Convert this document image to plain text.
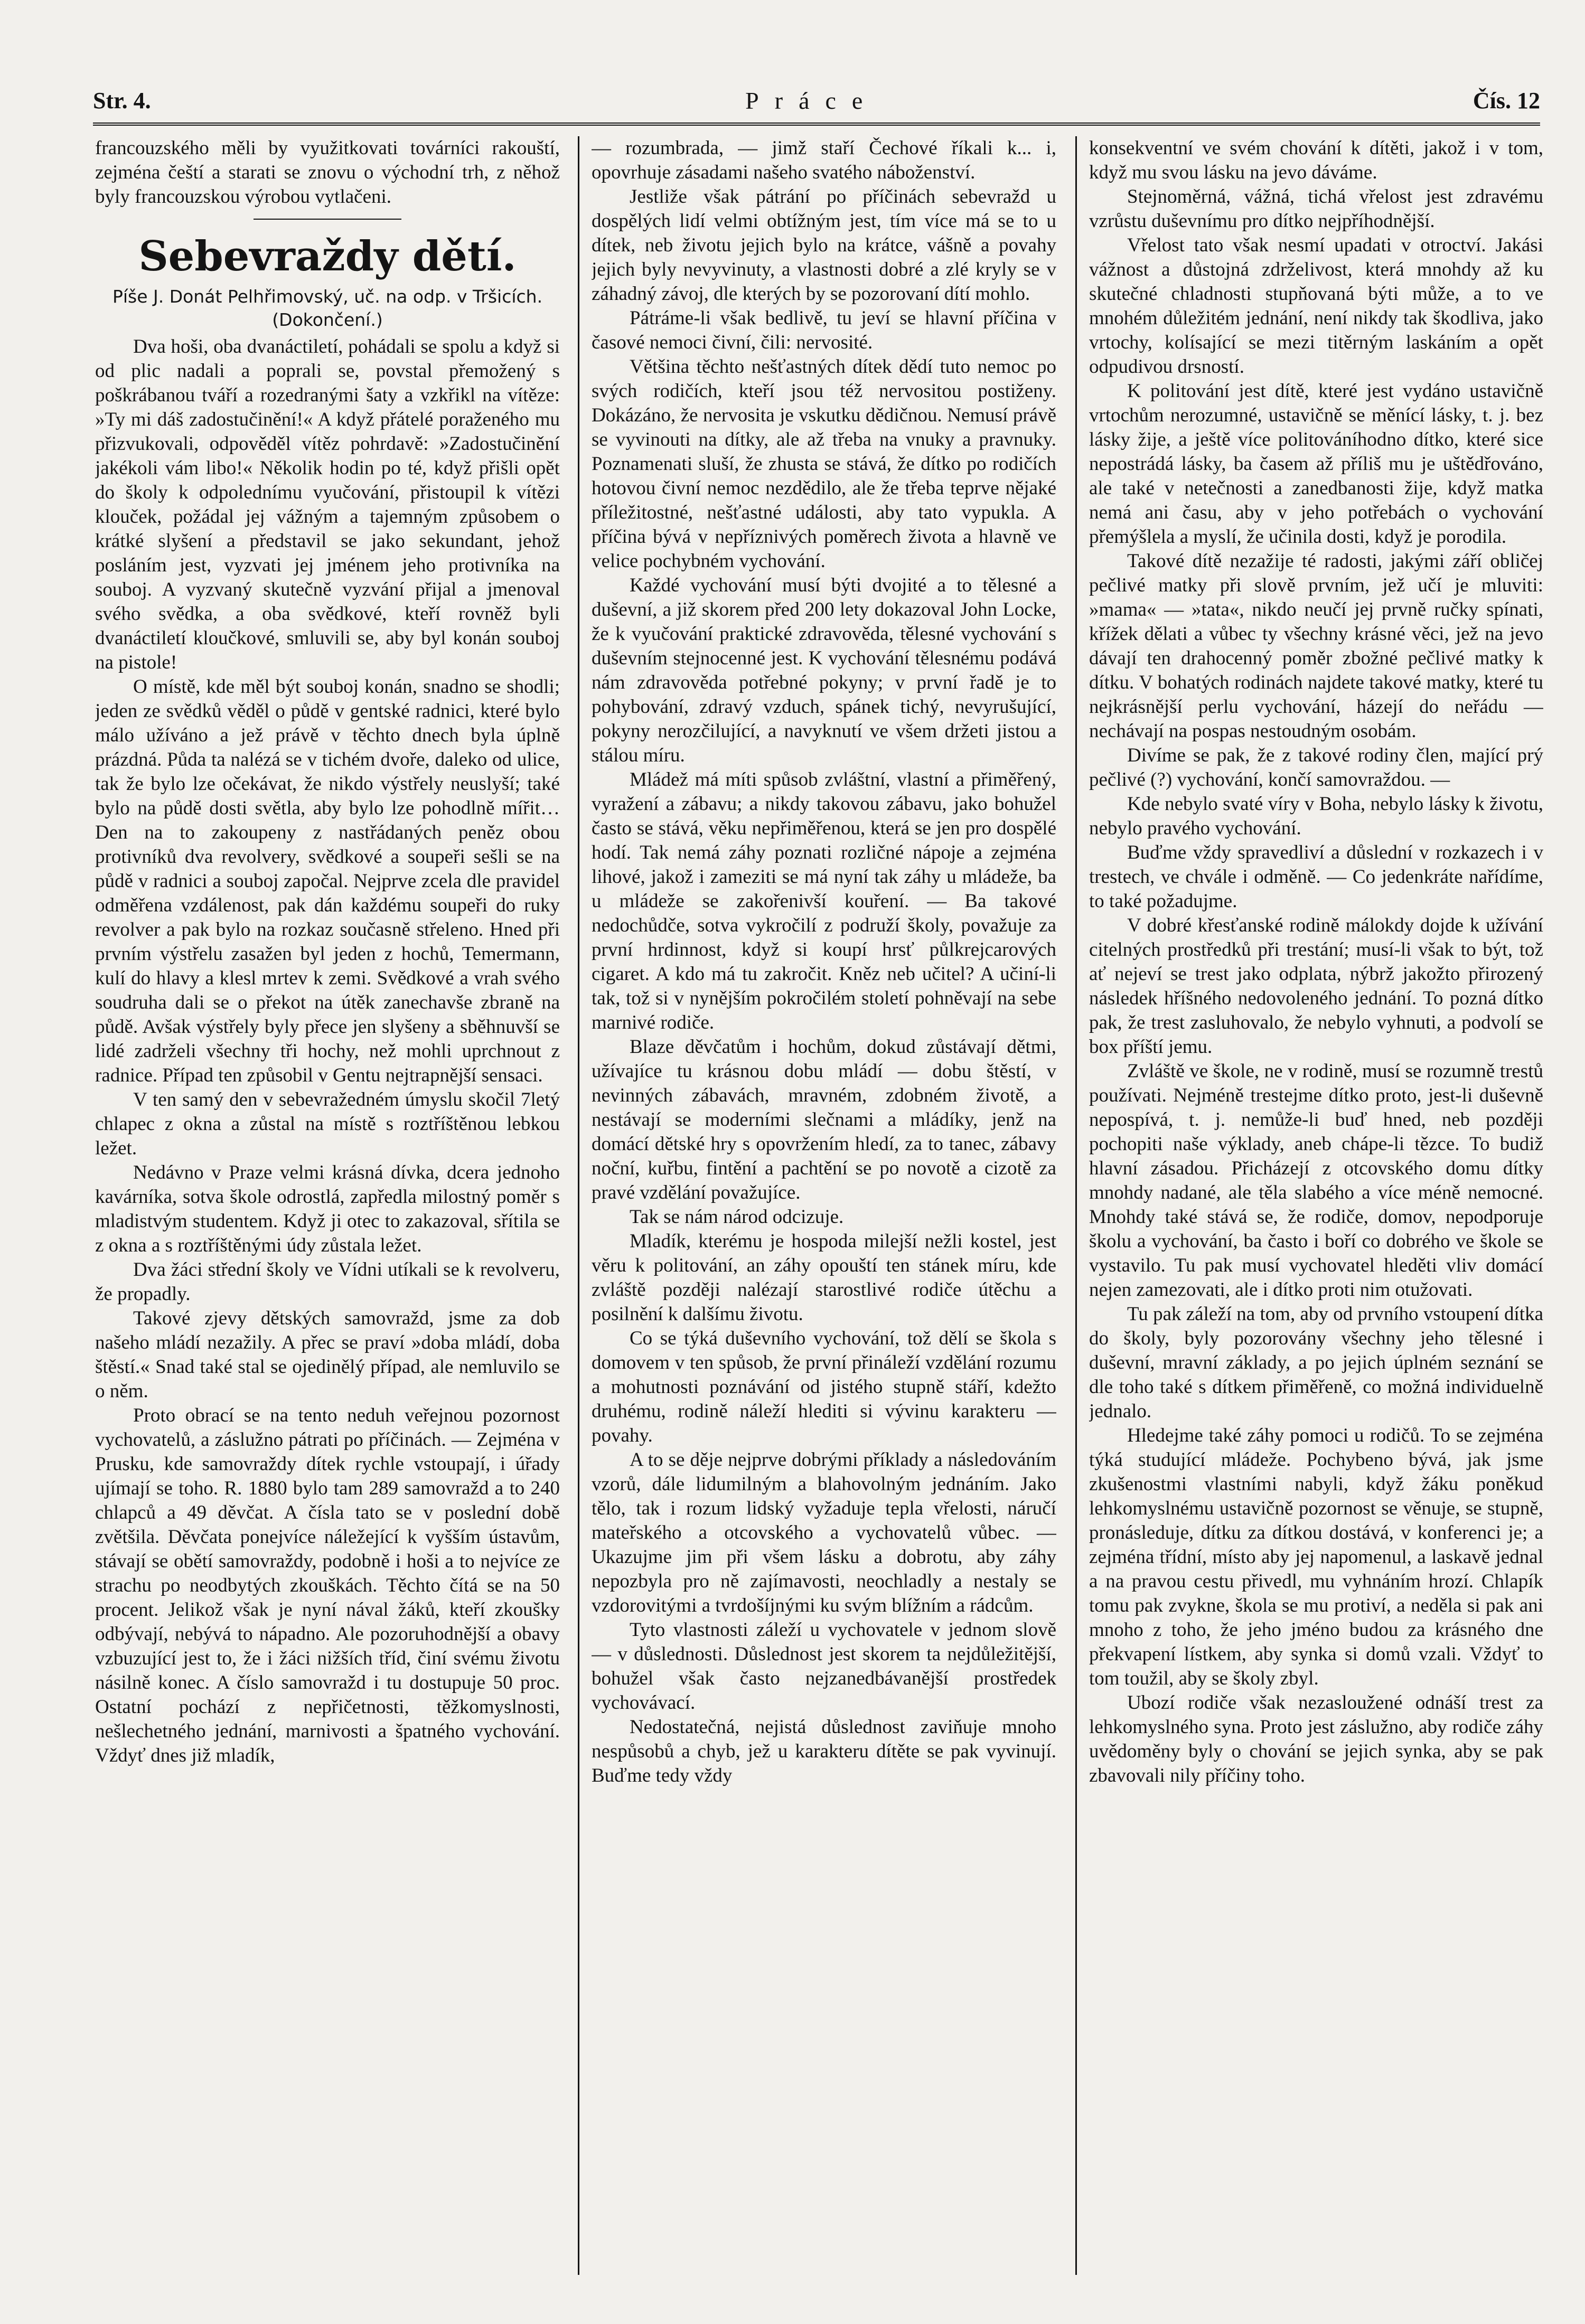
Str. 4.	Práce	Čís. 12

francouzského měli by využitkovati továrníci rakouští, zejména čeští a starati se znovu o východní trh, z něhož byly francouzskou výrobou vytlačeni.

Sebevraždy dětí.
Píše J. Donát Pelhřimovský, uč. na odp. v Tršicích.
(Dokončení.)

Dva hoši, oba dvanáctiletí, pohádali se spolu a když si od plic nadali a poprali se, povstal přemožený s poškrábanou tváří a rozedranými šaty a vzkřikl na vítěze: »Ty mi dáš zadostučinění!« A když přátelé poraženého mu přizvukovali, odpověděl vítěz pohrdavě: »Zadostučinění jakékoli vám libo!« Několik hodin po té, když přišli opět do školy k odpolednímu vyučování, přistoupil k vítězi klouček, požádal jej vážným a tajemným způsobem o krátké slyšení a představil se jako sekundant, jehož posláním jest, vyzvati jej jménem jeho protivníka na souboj. A vyzvaný skutečně vyzvání přijal a jmenoval svého svědka, a oba svědkové, kteří rovněž byli dvanáctiletí kloučkové, smluvili se, aby byl konán souboj na pistole!

O místě, kde měl být souboj konán, snadno se shodli; jeden ze svědků věděl o půdě v gentské radnici, které bylo málo užíváno a jež právě v těchto dnech byla úplně prázdná. Půda ta nalézá se v tichém dvoře, daleko od ulice, tak že bylo lze očekávat, že nikdo výstřely neuslyší; také bylo na půdě dosti světla, aby bylo lze pohodlně mířit… Den na to zakoupeny z nastřádaných peněz obou protivníků dva revolvery, svědkové a soupeři sešli se na půdě v radnici a souboj započal. Nejprve zcela dle pravidel odměřena vzdálenost, pak dán každému soupeři do ruky revolver a pak bylo na rozkaz současně střeleno. Hned při prvním výstřelu zasažen byl jeden z hochů, Temermann, kulí do hlavy a klesl mrtev k zemi. Svědkové a vrah svého soudruha dali se o překot na útěk zanechavše zbraně na půdě. Avšak výstřely byly přece jen slyšeny a sběhnuvší se lidé zadrželi všechny tři hochy, než mohli uprchnout z radnice. Případ ten způsobil v Gentu nejtrapnější sensaci.

V ten samý den v sebevražedném úmyslu skočil 7letý chlapec z okna a zůstal na místě s roztříštěnou lebkou ležet.

Nedávno v Praze velmi krásná dívka, dcera jednoho kavárníka, sotva škole odrostlá, zapředla milostný poměr s mladistvým studentem. Když ji otec to zakazoval, sřítila se z okna a s roztříštěnými údy zůstala ležet.

Dva žáci střední školy ve Vídni utíkali se k revolveru, že propadly.

Takové zjevy dětských samovražd, jsme za dob našeho mládí nezažily. A přec se praví »doba mládí, doba štěstí.« Snad také stal se ojedinělý případ, ale nemluvilo se o něm.

Proto obrací se na tento neduh veřejnou pozornost vychovatelů, a záslužno pátrati po příčinách. — Zejména v Prusku, kde samovraždy dítek rychle vstoupají, i úřady ujímají se toho. R. 1880 bylo tam 289 samovražd a to 240 chlapců a 49 děvčat. A čísla tato se v poslední době zvětšila. Děvčata ponejvíce náležející k vyšším ústavům, stávají se obětí samovraždy, podobně i hoši a to nejvíce ze strachu po neodbytých zkouškách. Těchto čítá se na 50 procent. Jelikož však je nyní nával žáků, kteří zkoušky odbývají, nebývá to nápadno. Ale pozoruhodnější a obavy vzbuzující jest to, že i žáci nižších tříd, činí svému životu násilně konec. A číslo samovražd i tu dostupuje 50 proc. Ostatní pochází z nepřičetnosti, těžkomyslnosti, nešlechetného jednání, marnivosti a špatného vychování. Vždyť dnes již mladík,

— rozumbrada, — jimž staří Čechové říkali k... i, opovrhuje zásadami našeho svatého náboženství.

Jestliže však pátrání po příčinách sebevražd u dospělých lidí velmi obtížným jest, tím více má se to u dítek, neb životu jejich bylo na krátce, vášně a povahy jejich byly nevyvinuty, a vlastnosti dobré a zlé kryly se v záhadný závoj, dle kterých by se pozorovaní dítí mohlo.

Pátráme-li však bedlivě, tu jeví se hlavní příčina v časové nemoci čivní, čili: nervosité.

Většina těchto nešťastných dítek dědí tuto nemoc po svých rodičích, kteří jsou též nervositou postiženy. Dokázáno, že nervosita je vskutku dědičnou. Nemusí právě se vyvinouti na dítky, ale až třeba na vnuky a pravnuky. Poznamenati sluší, že zhusta se stává, že dítko po rodičích hotovou čivní nemoc nezdědilo, ale že třeba teprve nějaké příležitostné, nešťastné události, aby tato vypukla. A příčina bývá v nepříznivých poměrech života a hlavně ve velice pochybném vychování.

Každé vychování musí býti dvojité a to tělesné a duševní, a již skorem před 200 lety dokazoval John Locke, že k vyučování praktické zdravověda, tělesné vychování s duševním stejnocenné jest. K vychování tělesnému podává nám zdravověda potřebné pokyny; v první řadě je to pohybování, zdravý vzduch, spánek tichý, nevyrušující, pokyny nerozčilující, a navyknutí ve všem držeti jistou a stálou míru.

Mládež má míti spůsob zvláštní, vlastní a přiměřený, vyražení a zábavu; a nikdy takovou zábavu, jako bohužel často se stává, věku nepřiměřenou, která se jen pro dospělé hodí. Tak nemá záhy poznati rozličné nápoje a zejména lihové, jakož i zameziti se má nyní tak záhy u mládeže, ba u mládeže se zakořenivší kouření. — Ba takové nedochůdče, sotva vykročilí z podruží školy, považuje za první hrdinnost, když si koupí hrsť půlkrejcarových cigaret. A kdo má tu zakročit. Kněz neb učitel? A učiní-li tak, tož si v nynějším pokročilém století pohněvají na sebe marnivé rodiče.

Blaze děvčatům i hochům, dokud zůstávají dětmi, užívajíce tu krásnou dobu mládí — dobu štěstí, v nevinných zábavách, mravném, zdobném životě, a nestávají se moderními slečnami a mládíky, jenž na domácí dětské hry s opovržením hledí, za to tanec, zábavy noční, kuřbu, fintění a pachtění se po novotě a cizotě za pravé vzdělání považujíce.

Tak se nám národ odcizuje.

Mladík, kterému je hospoda milejší nežli kostel, jest věru k politování, an záhy opouští ten stánek míru, kde zvláště později nalézají starostlivé rodiče útěchu a posilnění k dalšímu životu.

Co se týká duševního vychování, tož dělí se škola s domovem v ten spůsob, že první přináleží vzdělání rozumu a mohutnosti poznávání od jistého stupně stáří, kdežto druhému, rodině náleží hlediti si vývinu karakteru — povahy.

A to se děje nejprve dobrými příklady a následováním vzorů, dále lidumilným a blahovolným jednáním. Jako tělo, tak i rozum lidský vyžaduje tepla vřelosti, náručí mateřského a otcovského a vychovatelů vůbec. — Ukazujme jim při všem lásku a dobrotu, aby záhy nepozbyla pro ně zajímavosti, neochladly a nestaly se vzdorovitými a tvrdošíjnými ku svým blížním a rádcům.

Tyto vlastnosti záleží u vychovatele v jednom slově — v důslednosti. Důslednost jest skorem ta nejdůležitější, bohužel však často nejzanedbávanější prostředek vychovávací.

Nedostatečná, nejistá důslednost zaviňuje mnoho nespůsobů a chyb, jež u karakteru dítěte se pak vyvinují. Buďme tedy vždy

konsekventní ve svém chování k dítěti, jakož i v tom, když mu svou lásku na jevo dáváme.

Stejnoměrná, vážná, tichá vřelost jest zdravému vzrůstu duševnímu pro dítko nejpříhodnější.

Vřelost tato však nesmí upadati v otroctví. Jakási vážnost a důstojná zdrželivost, která mnohdy až ku skutečné chladnosti stupňovaná býti může, a to ve mnohém důležitém jednání, není nikdy tak škodliva, jako vrtochy, kolísající se mezi titěrným laskáním a opět odpudivou drsností.

K politování jest dítě, které jest vydáno ustavičně vrtochům nerozumné, ustavičně se měnící lásky, t. j. bez lásky žije, a ještě více politováníhodno dítko, které sice nepostrádá lásky, ba časem až příliš mu je uštědřováno, ale také v netečnosti a zanedbanosti žije, když matka nemá ani času, aby v jeho potřebách o vychování přemýšlela a myslí, že učinila dosti, když je porodila.

Takové dítě nezažije té radosti, jakými září obličej pečlivé matky při slově prvním, jež učí je mluviti: »mama« — »tata«, nikdo neučí jej prvně ručky spínati, křížek dělati a vůbec ty všechny krásné věci, jež na jevo dávají ten drahocenný poměr zbožné pečlivé matky k dítku. V bohatých rodinách najdete takové matky, které tu nejkrásnější perlu vychování, házejí do neřádu — nechávají na pospas nestoudným osobám.

Divíme se pak, že z takové rodiny člen, mající prý pečlivé (?) vychování, končí samovraždou. —

Kde nebylo svaté víry v Boha, nebylo lásky k životu, nebylo pravého vychování.

Buďme vždy spravedliví a důslední v rozkazech i v trestech, ve chvále i odměně. — Co jedenkráte nařídíme, to také požadujme.

V dobré křesťanské rodině málokdy dojde k užívání citelných prostředků při trestání; musí-li však to být, tož ať nejeví se trest jako odplata, nýbrž jakožto přirozený následek hříšného nedovoleného jednání. To pozná dítko pak, že trest zasluhovalo, že nebylo vyhnuti, a podvolí se box příští jemu.

Zvláště ve škole, ne v rodině, musí se rozumně trestů používati. Nejméně trestejme dítko proto, jest-li duševně nepospívá, t. j. nemůže-li buď hned, neb později pochopiti naše výklady, aneb chápe-li tězce. To budiž hlavní zásadou. Přicházejí z otcovského domu dítky mnohdy nadané, ale těla slabého a více méně nemocné. Mnohdy také stává se, že rodiče, domov, nepodporuje školu a vychování, ba často i boří co dobrého ve škole se vystavilo. Tu pak musí vychovatel hleděti vliv domácí nejen zamezovati, ale i dítko proti nim otužovati.

Tu pak záleží na tom, aby od prvního vstoupení dítka do školy, byly pozorovány všechny jeho tělesné i duševní, mravní základy, a po jejich úplném seznání se dle toho také s dítkem přiměřeně, co možná individuelně jednalo.

Hledejme také záhy pomoci u rodičů. To se zejména týká studující mládeže. Pochybeno bývá, jak jsme zkušenostmi vlastními nabyli, když žáku poněkud lehkomyslnému ustavičně pozornost se věnuje, se stupně, pronásleduje, dítku za dítkou dostává, v konferenci je; a zejména třídní, místo aby jej napomenul, a laskavě jednal a na pravou cestu přivedl, mu vyhnáním hrozí. Chlapík tomu pak zvykne, škola se mu protiví, a neděla si pak ani mnoho z toho, že jeho jméno budou za krásného dne překvapení lístkem, aby synka si domů vzali. Vždyť to tom toužil, aby se školy zbyl.

Ubozí rodiče však nezasloužené odnáší trest za lehkomyslného syna. Proto jest záslužno, aby rodiče záhy uvědoměny byly o chování se jejich synka, aby se pak zbavovali nily příčiny toho.
